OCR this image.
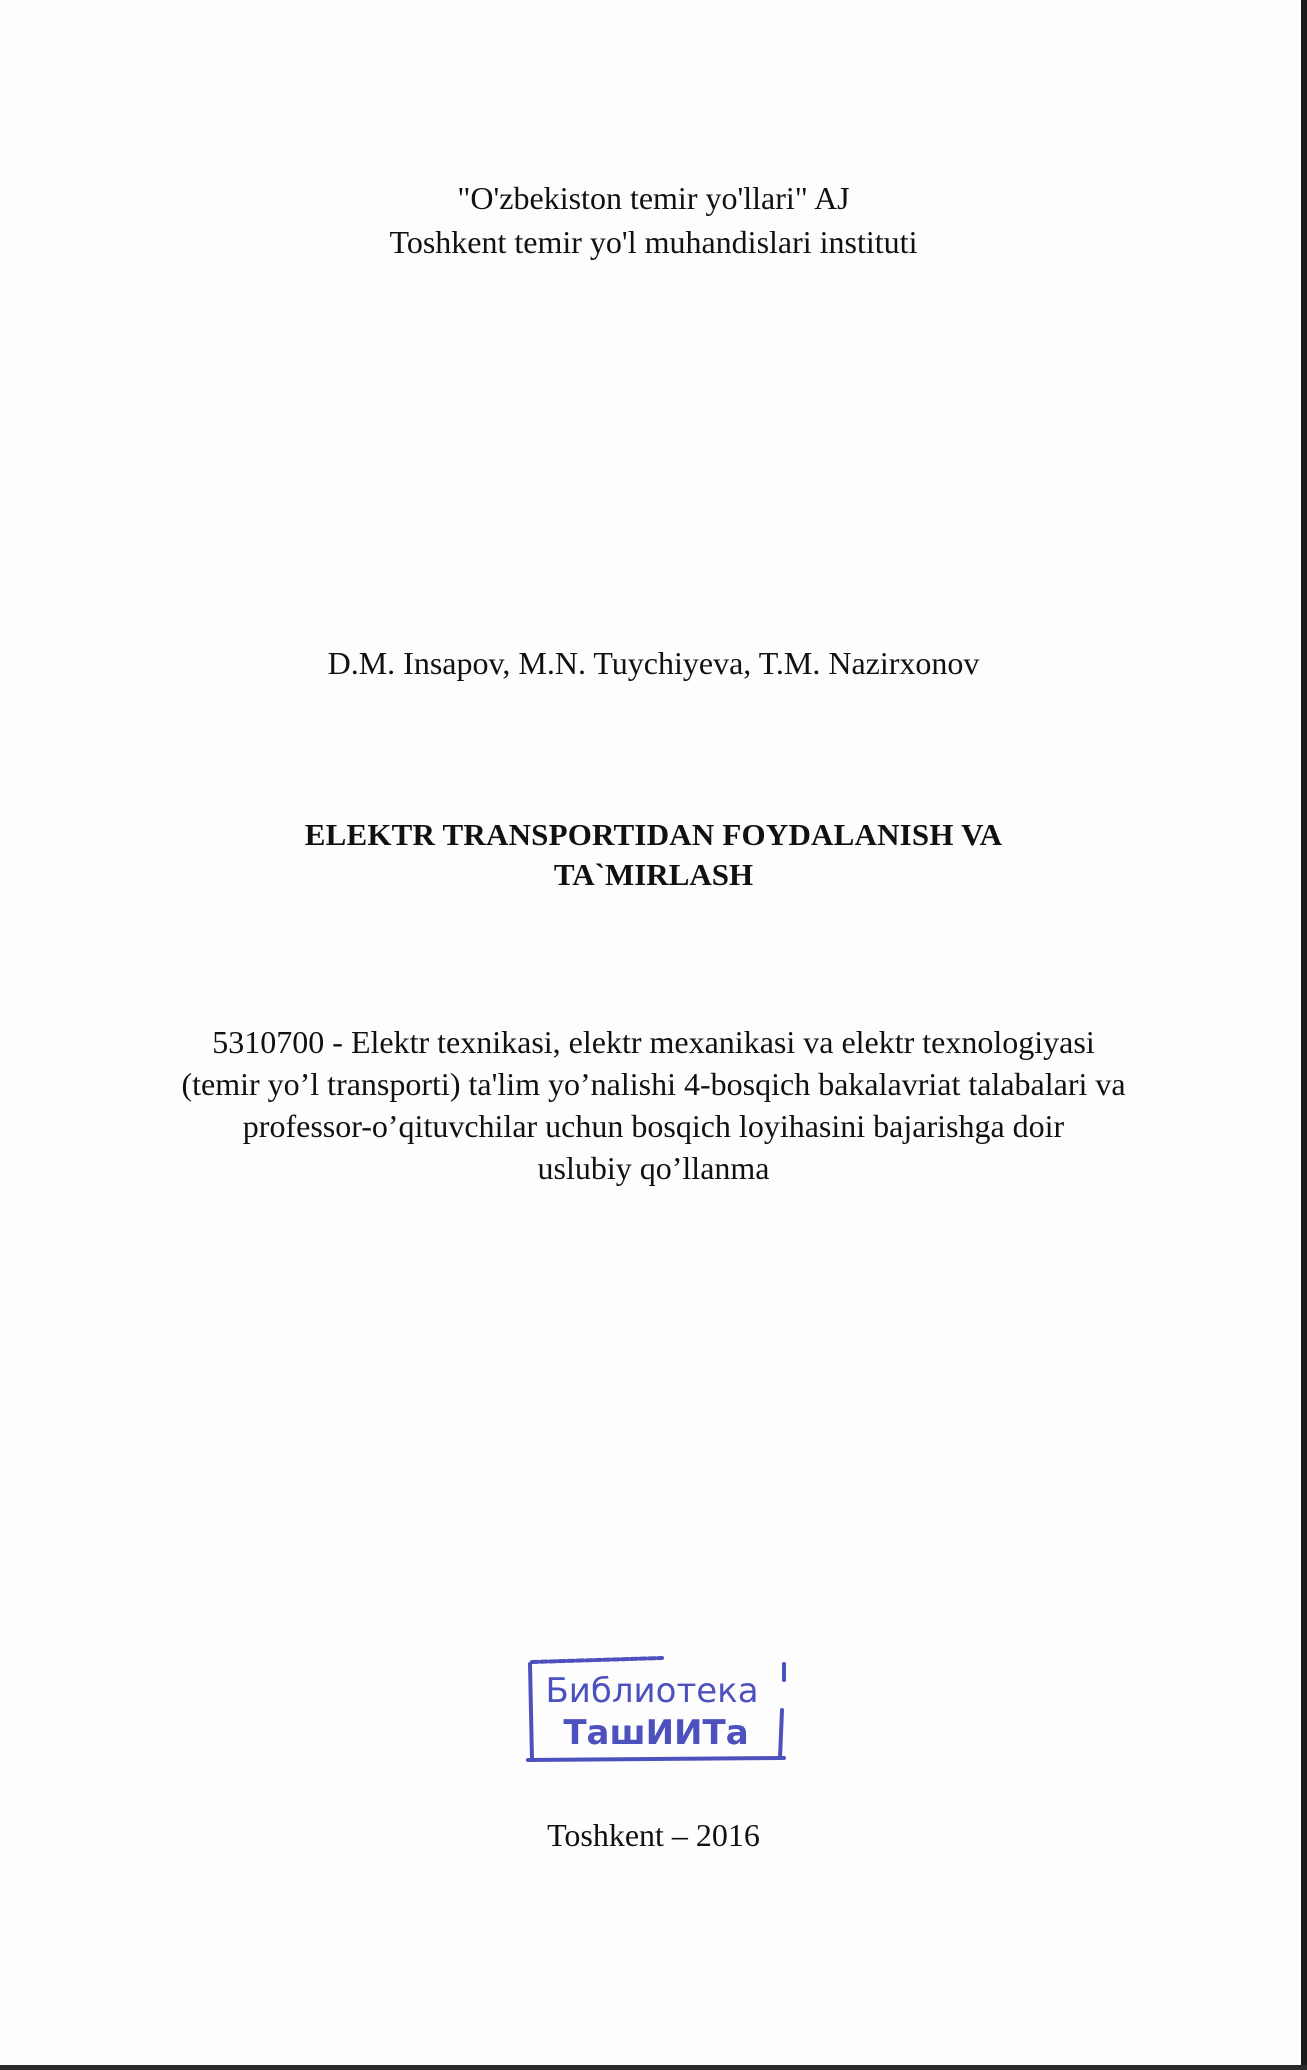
"O'zbekiston temir yo'llari" AJ
Toshkent temir yo'l muhandislari instituti
D.M. Insapov, M.N. Tuychiyeva, T.M. Nazirxonov
ELEKTR TRANSPORTIDAN FOYDALANISH VA
TA`MIRLASH
5310700 - Elektr texnikasi, elektr mexanikasi va elektr texnologiyasi
(temir yo’l transporti) ta'lim yo’nalishi 4-bosqich bakalavriat talabalari va
professor-o’qituvchilar uchun bosqich loyihasini bajarishga doir
uslubiy qo’llanma
Библиотека
ТашИИТа
Toshkent – 2016
